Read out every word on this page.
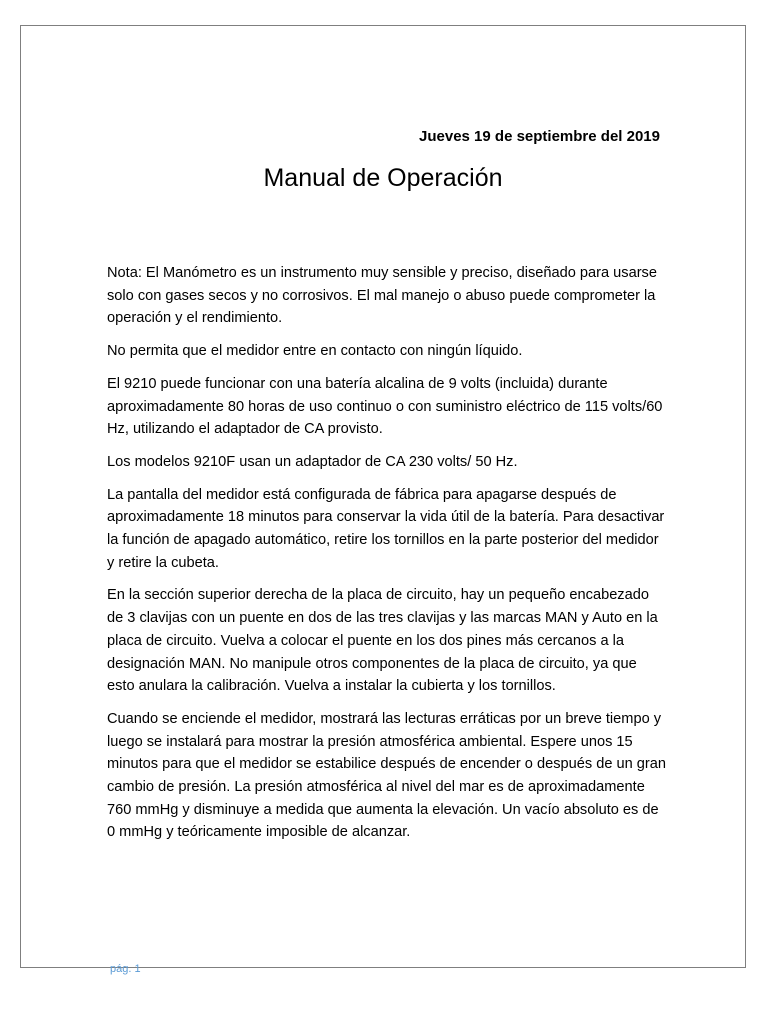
Jueves 19 de septiembre del 2019

Manual de Operación

Nota: El Manómetro es un instrumento muy sensible y preciso, diseñado para usarse solo con gases secos y no corrosivos. El mal manejo o abuso puede comprometer la operación y el rendimiento.

No permita que el medidor entre en contacto con ningún líquido.

El 9210 puede funcionar con una batería alcalina de 9 volts (incluida) durante aproximadamente 80 horas de uso continuo o con suministro eléctrico de 115 volts/60 Hz, utilizando el adaptador de CA provisto.

Los modelos 9210F usan un adaptador de CA 230 volts/ 50 Hz.

La pantalla del medidor está configurada de fábrica para apagarse después de aproximadamente 18 minutos para conservar la vida útil de la batería. Para desactivar la función de apagado automático, retire los tornillos en la parte posterior del medidor y retire la cubeta.

En la sección superior derecha de la placa de circuito, hay un pequeño encabezado de 3 clavijas con un puente en dos de las tres clavijas y las marcas MAN y Auto en la placa de circuito. Vuelva a colocar el puente en los dos pines más cercanos a la designación MAN. No manipule otros componentes de la placa de circuito, ya que esto anulara la calibración. Vuelva a instalar la cubierta y los tornillos.

Cuando se enciende el medidor, mostrará las lecturas erráticas por un breve tiempo y luego se instalará para mostrar la presión atmosférica ambiental. Espere unos 15 minutos para que el medidor se estabilice después de encender o después de un gran cambio de presión. La presión atmosférica al nivel del mar es de aproximadamente 760 mmHg y disminuye a medida que aumenta la elevación. Un vacío absoluto es de 0 mmHg y teóricamente imposible de alcanzar.

pág. 1
